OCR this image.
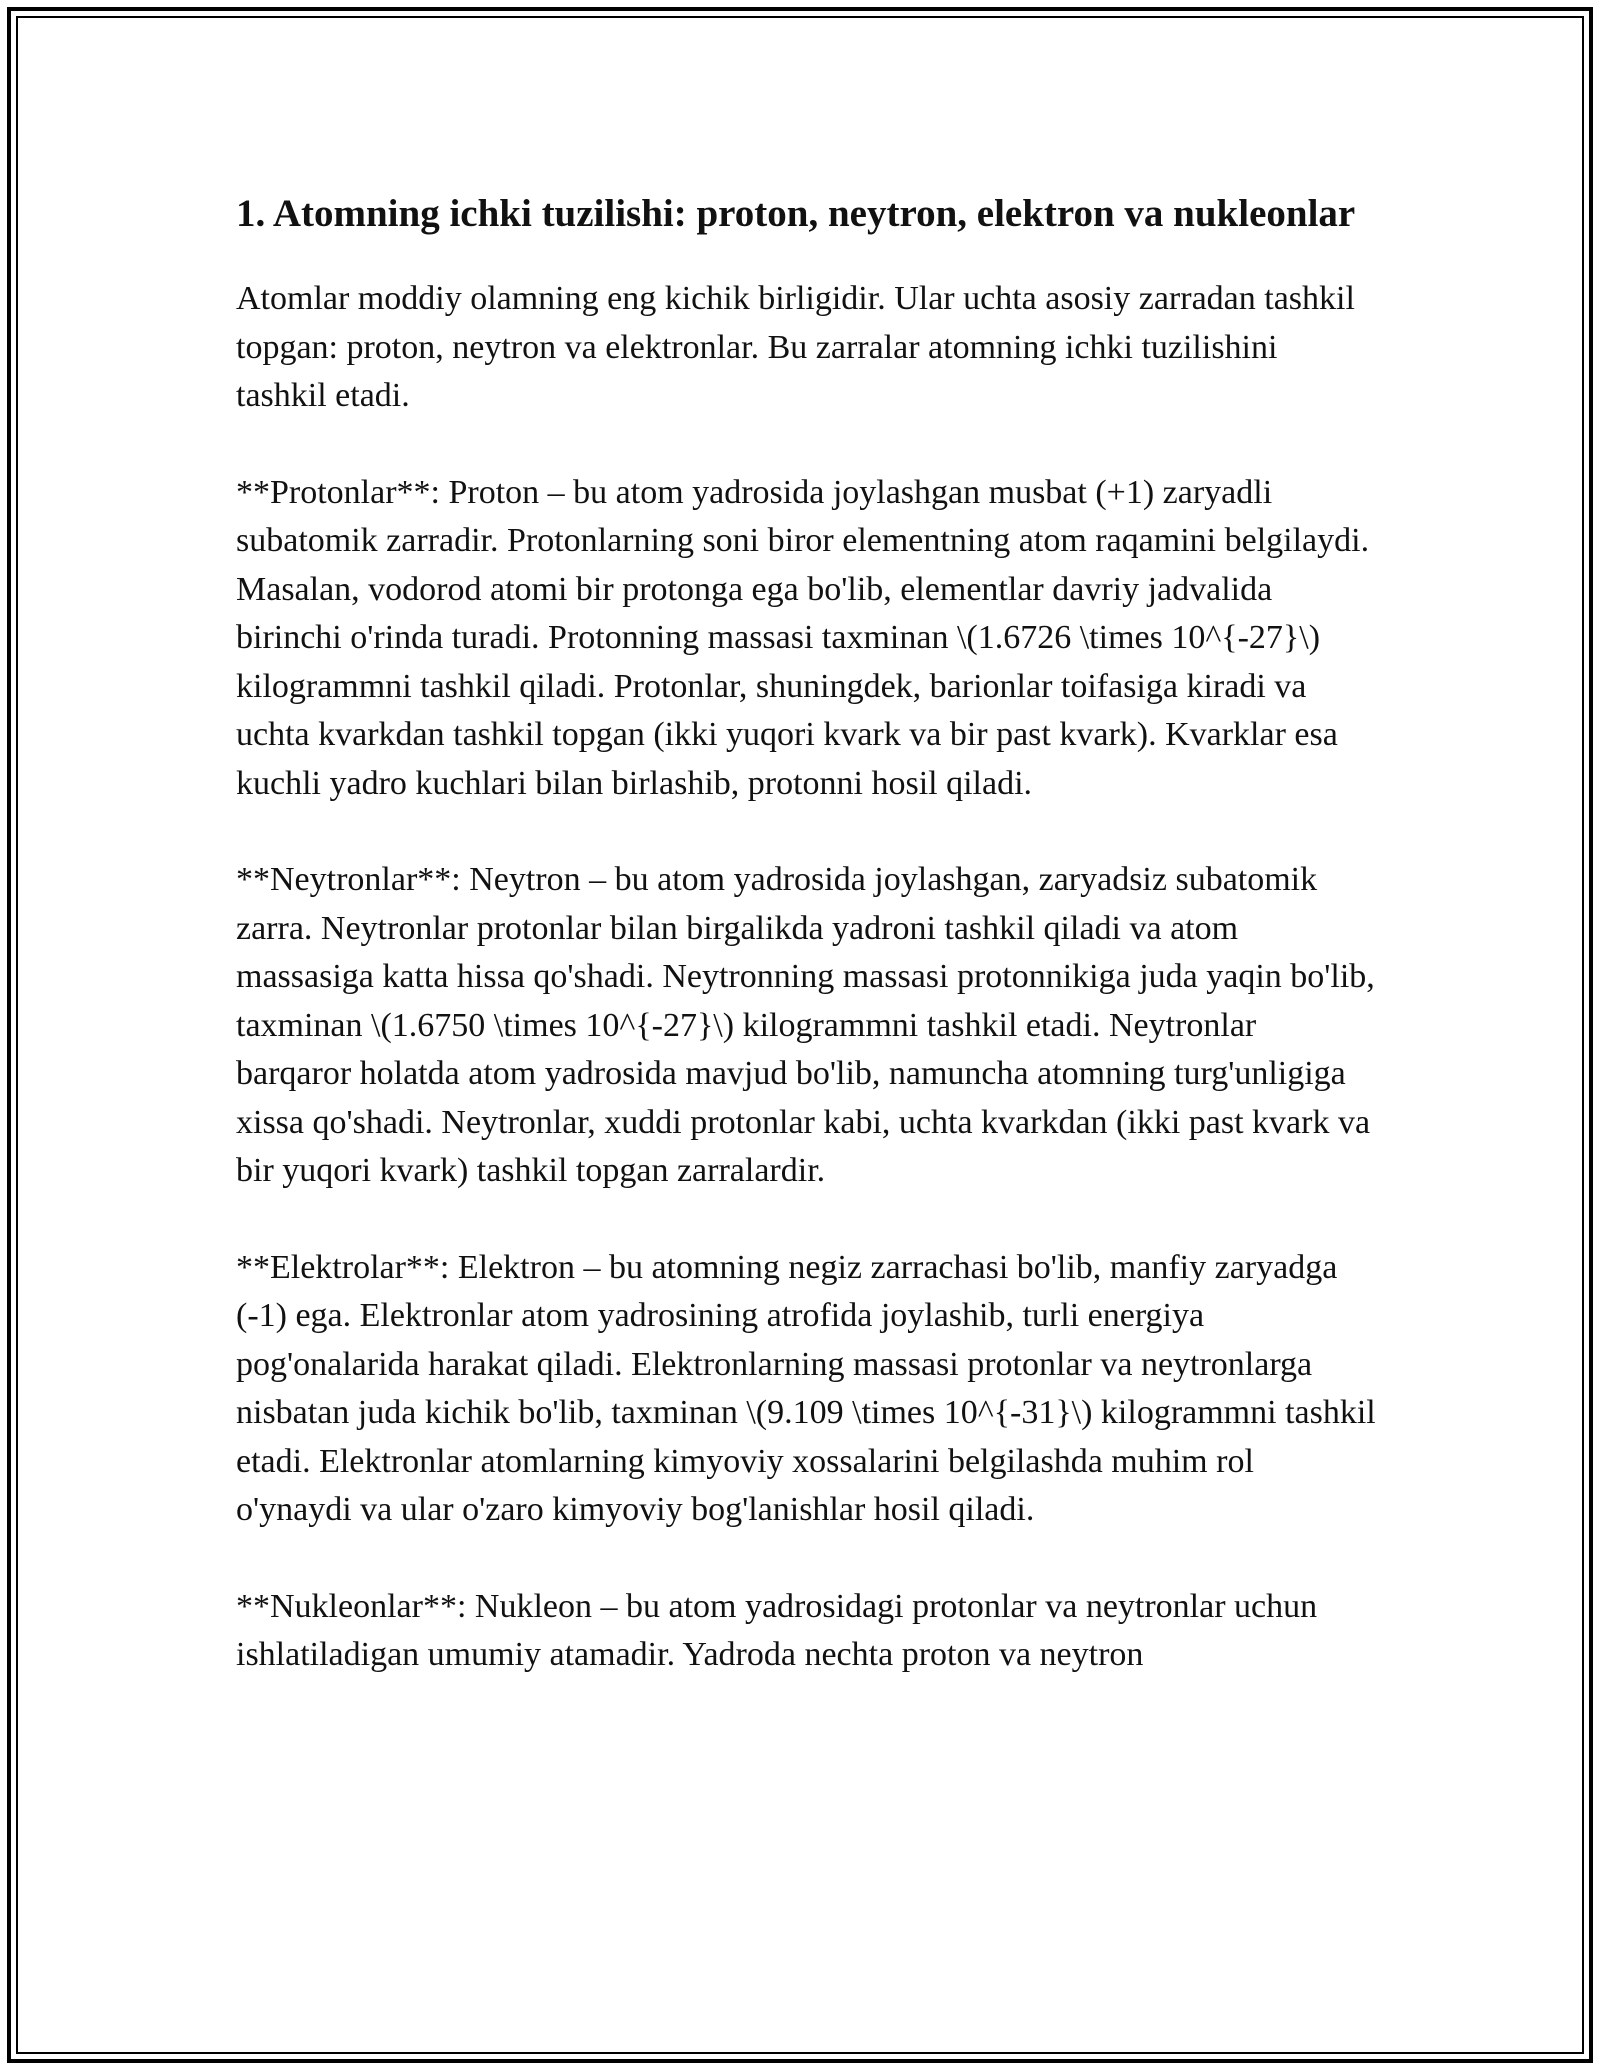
1. Atomning ichki tuzilishi: proton, neytron, elektron va nukleonlar

Atomlar moddiy olamning eng kichik birligidir. Ular uchta asosiy zarradan tashkil topgan: proton, neytron va elektronlar. Bu zarralar atomning ichki tuzilishini tashkil etadi.

**Protonlar**: Proton – bu atom yadrosida joylashgan musbat (+1) zaryadli subatomik zarradir. Protonlarning soni biror elementning atom raqamini belgilaydi. Masalan, vodorod atomi bir protonga ega bo'lib, elementlar davriy jadvalida birinchi o'rinda turadi. Protonning massasi taxminan \(1.6726 \times 10^{-27}\) kilogrammni tashkil qiladi. Protonlar, shuningdek, barionlar toifasiga kiradi va uchta kvarkdan tashkil topgan (ikki yuqori kvark va bir past kvark). Kvarklar esa kuchli yadro kuchlari bilan birlashib, protonni hosil qiladi.

**Neytronlar**: Neytron – bu atom yadrosida joylashgan, zaryadsiz subatomik zarra. Neytronlar protonlar bilan birgalikda yadroni tashkil qiladi va atom massasiga katta hissa qo'shadi. Neytronning massasi protonnikiga juda yaqin bo'lib, taxminan \(1.6750 \times 10^{-27}\) kilogrammni tashkil etadi. Neytronlar barqaror holatda atom yadrosida mavjud bo'lib, namuncha atomning turg'unligiga xissa qo'shadi. Neytronlar, xuddi protonlar kabi, uchta kvarkdan (ikki past kvark va bir yuqori kvark) tashkil topgan zarralardir.

**Elektrolar**: Elektron – bu atomning negiz zarrachasi bo'lib, manfiy zaryadga (-1) ega. Elektronlar atom yadrosining atrofida joylashib, turli energiya pog'onalarida harakat qiladi. Elektronlarning massasi protonlar va neytronlarga nisbatan juda kichik bo'lib, taxminan \(9.109 \times 10^{-31}\) kilogrammni tashkil etadi. Elektronlar atomlarning kimyoviy xossalarini belgilashda muhim rol o'ynaydi va ular o'zaro kimyoviy bog'lanishlar hosil qiladi.

**Nukleonlar**: Nukleon – bu atom yadrosidagi protonlar va neytronlar uchun ishlatiladigan umumiy atamadir. Yadroda nechta proton va neytron
